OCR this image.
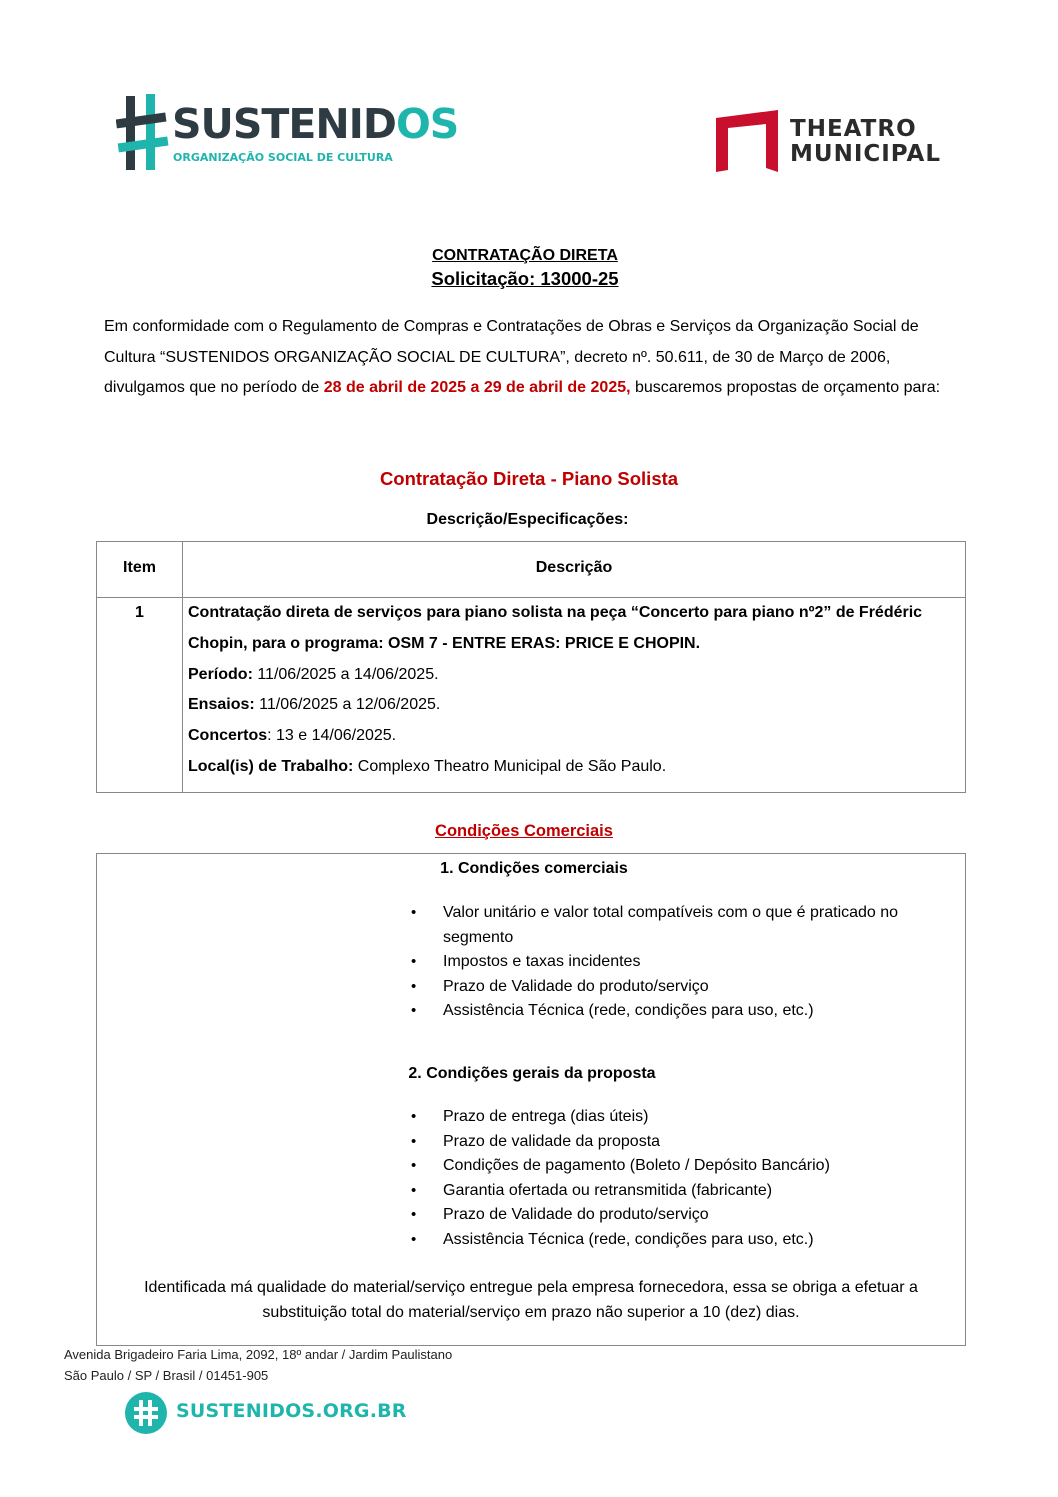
SUSTENIDOS
ORGANIZAÇÃO SOCIAL DE CULTURA
THEATRO
MUNICIPAL
CONTRATAÇÃO DIRETA
Solicitação: 13000-25
Em conformidade com o Regulamento de Compras e Contratações de Obras e Serviços da Organização Social de Cultura “SUSTENIDOS ORGANIZAÇÃO SOCIAL DE CULTURA”, decreto nº. 50.611, de 30 de Março de 2006, divulgamos que no período de 28 de abril de 2025 a 29 de abril de 2025, buscaremos propostas de orçamento para:
Contratação Direta - Piano Solista
Descrição/Especificações:
Item	Descrição
1	Contratação direta de serviços para piano solista na peça “Concerto para piano nº2” de Frédéric Chopin, para o programa: OSM 7 - ENTRE ERAS: PRICE E CHOPIN.
Período: 11/06/2025 a 14/06/2025.
Ensaios: 11/06/2025 a 12/06/2025.
Concertos: 13 e 14/06/2025.
Local(is) de Trabalho: Complexo Theatro Municipal de São Paulo.
Condições Comerciais
1. Condições comerciais
• Valor unitário e valor total compatíveis com o que é praticado no segmento
• Impostos e taxas incidentes
• Prazo de Validade do produto/serviço
• Assistência Técnica (rede, condições para uso, etc.)
2. Condições gerais da proposta
• Prazo de entrega (dias úteis)
• Prazo de validade da proposta
• Condições de pagamento (Boleto / Depósito Bancário)
• Garantia ofertada ou retransmitida (fabricante)
• Prazo de Validade do produto/serviço
• Assistência Técnica (rede, condições para uso, etc.)
Identificada má qualidade do material/serviço entregue pela empresa fornecedora, essa se obriga a efetuar a substituição total do material/serviço em prazo não superior a 10 (dez) dias.
Avenida Brigadeiro Faria Lima, 2092, 18º andar / Jardim Paulistano
São Paulo / SP / Brasil / 01451-905
SUSTENIDOS.ORG.BR
